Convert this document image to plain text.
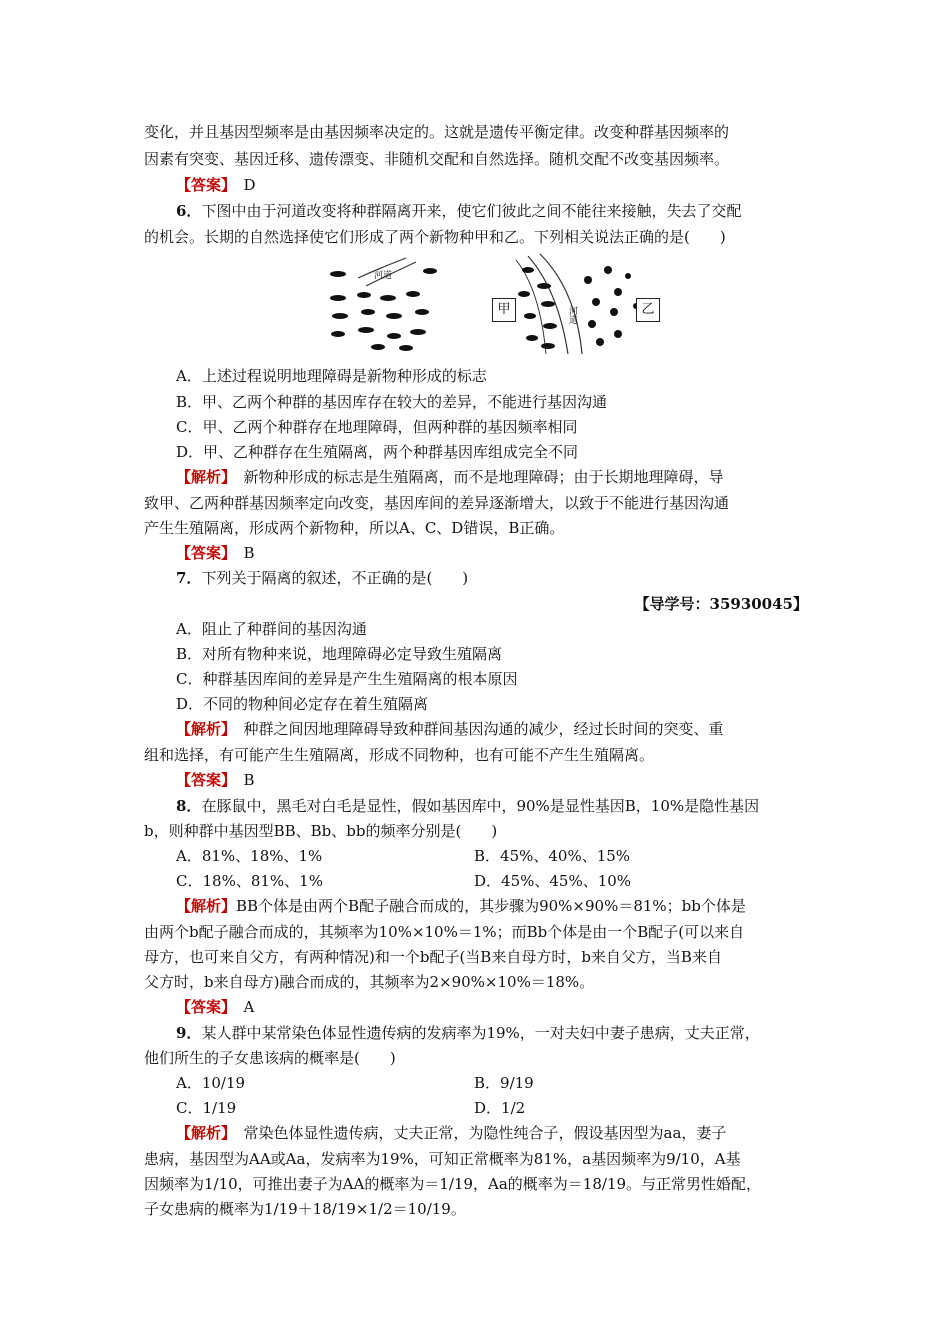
变化，并且基因型频率是由基因频率决定的。这就是遗传平衡定律。改变种群基因频率的
因素有突变、基因迁移、遗传漂变、非随机交配和自然选择。随机交配不改变基因频率。
【答案】　 D
6．下图中由于河道改变将种群隔离开来，使它们彼此之间不能往来接触，失去了交配
的机会。长期的自然选择使它们形成了两个新物种甲和乙。下列相关说法正确的是(　　)
河道
河道
甲	乙
A．上述过程说明地理障碍是新物种形成的标志
B．甲、乙两个种群的基因库存在较大的差异，不能进行基因沟通
C．甲、乙两个种群存在地理障碍，但两种群的基因频率相同
D．甲、乙种群存在生殖隔离，两个种群基因库组成完全不同
【解析】　 新物种形成的标志是生殖隔离，而不是地理障碍；由于长期地理障碍，导
致甲、乙两种群基因频率定向改变，基因库间的差异逐渐增大，以致于不能进行基因沟通
产生生殖隔离，形成两个新物种，所以A、C、D错误，B正确。
【答案】　 B
7．下列关于隔离的叙述，不正确的是(　　)
【导学号：35930045】
A．阻止了种群间的基因沟通
B．对所有物种来说，地理障碍必定导致生殖隔离
C．种群基因库间的差异是产生生殖隔离的根本原因
D．不同的物种间必定存在着生殖隔离
【解析】　 种群之间因地理障碍导致种群间基因沟通的减少，经过长时间的突变、重
组和选择，有可能产生生殖隔离，形成不同物种，也有可能不产生生殖隔离。
【答案】　 B
8．在豚鼠中，黑毛对白毛是显性，假如基因库中，90%是显性基因B，10%是隐性基因
b，则种群中基因型BB、Bb、bb的频率分别是(　　)
A．81%、18%、1%	B．45%、40%、15%
C．18%、81%、1%	D．45%、45%、10%
【解析】BB个体是由两个B配子融合而成的，其步骤为90%×90%＝81%；bb个体是
由两个b配子融合而成的，其频率为10%×10%＝1%；而Bb个体是由一个B配子(可以来自
母方，也可来自父方，有两种情况)和一个b配子(当B来自母方时，b来自父方，当B来自
父方时，b来自母方)融合而成的，其频率为2×90%×10%＝18%。
【答案】　 A
9．某人群中某常染色体显性遗传病的发病率为19%，一对夫妇中妻子患病，丈夫正常，
他们所生的子女患该病的概率是(　　)
A．10/19	B．9/19
C．1/19	D．1/2
【解析】　 常染色体显性遗传病，丈夫正常，为隐性纯合子，假设基因型为aa，妻子
患病，基因型为AA或Aa，发病率为19%，可知正常概率为81%，a基因频率为9/10，A基
因频率为1/10，可推出妻子为AA的概率为＝1/19，Aa的概率为＝18/19。与正常男性婚配，
子女患病的概率为1/19＋18/19×1/2＝10/19。
